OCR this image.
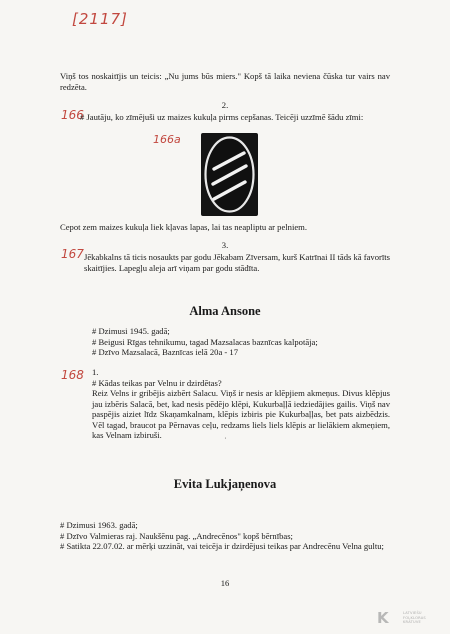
[2117]
Viņš tos noskaitījis un teicis: „Nu jums būs miers." Kopš tā laika neviena čūska tur vairs nav redzēta.
2.
166
# Jautāju, ko zīmējuši uz maizes kukuļa pirms cepšanas. Teicēji uzzīmē šādu zīmi:
166a
Cepot zem maizes kukuļa liek kļavas lapas, lai tas neapliptu ar pelniem.
3.
167 Jēkabkalns tā ticis nosaukts par godu Jēkabam Zīversam, kurš Katrīnai II tāds kā favorīts skaitījies. Lapegļu aleja arī viņam par godu stādīta.
Alma Ansone
# Dzimusi 1945. gadā;
# Beigusi Rīgas tehnikumu, tagad Mazsalacas baznīcas kalpotāja;
# Dzīvo Mazsalacā, Baznīcas ielā 20a - 17
1.
168
# Kādas teikas par Velnu ir dzirdētas?
Reiz Velns ir gribējis aizbērt Salacu. Viņš ir nesis ar klēpjiem akmeņus. Divus klēpjus jau izbēris Salacā, bet, kad nesis pēdējo klēpi, Kukurbaļļā iedziedājies gailis. Viņš nav paspējis aiziet līdz Skaņamkalnam, klēpis izbiris pie Kukurbaļļas, bet pats aizbēdzis. Vēl tagad, braucot pa Pērnavas ceļu, redzams liels liels klēpis ar lielākiem akmeņiem, kas Velnam izbiruši.
˙
Evita Lukjaņenova
# Dzimusi 1963. gadā;
# Dzīvo Valmieras raj. Naukšēnu pag. „Andrecēnos" kopš bērnības;
# Satikta 22.07.02. ar mērķi uzzināt, vai teicēja ir dzirdējusi teikas par Andrecēnu Velna gultu;
16
K	LATVIEŠU
FOLKLORAS
KRĀTUVE
